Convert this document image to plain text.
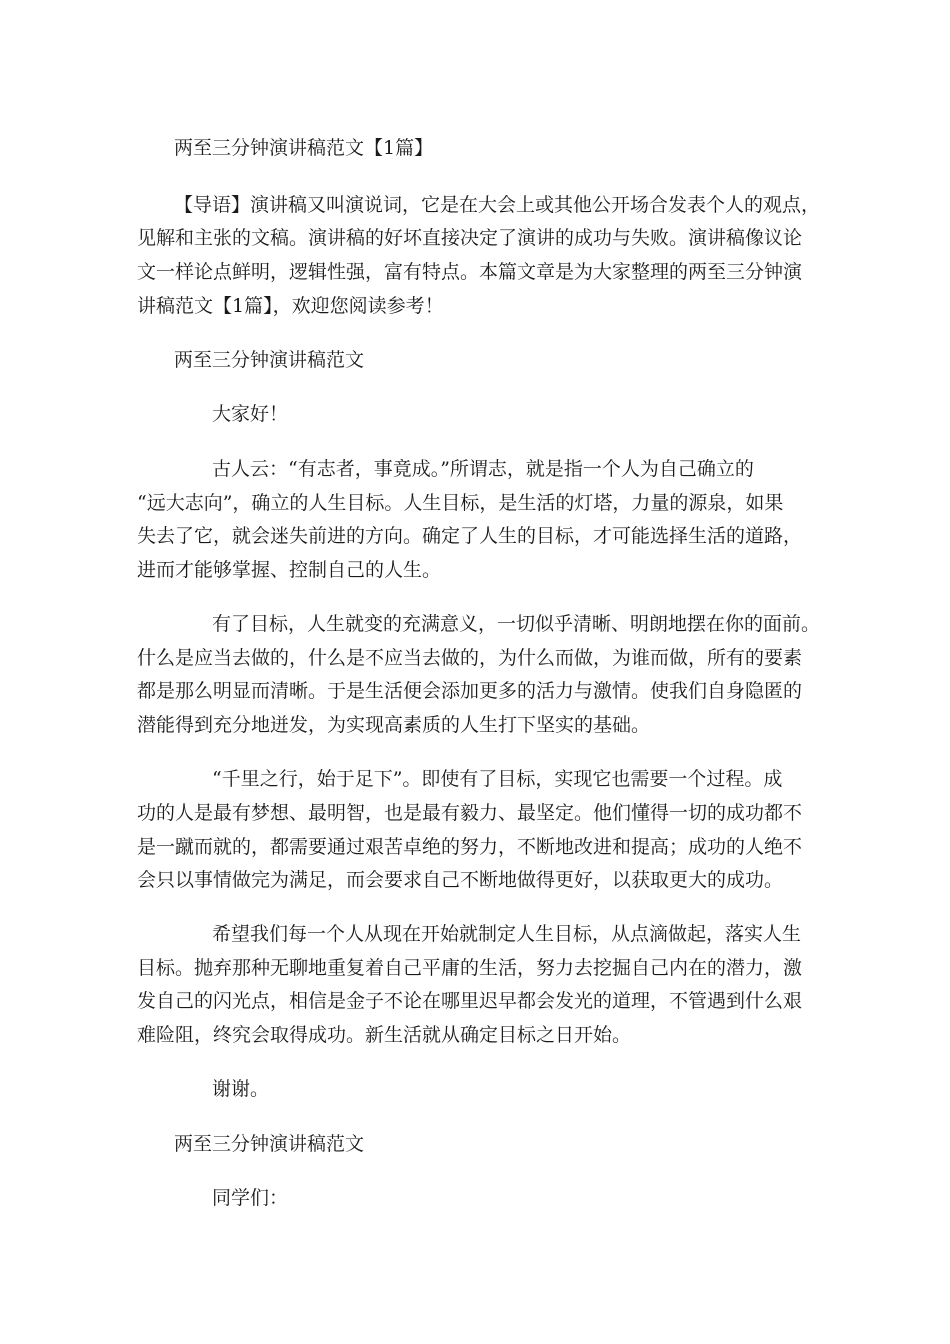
两至三分钟演讲稿范文【1篇】
【导语】演讲稿又叫演说词，它是在大会上或其他公开场合发表个人的观点，
见解和主张的文稿。演讲稿的好坏直接决定了演讲的成功与失败。演讲稿像议论
文一样论点鲜明，逻辑性强，富有特点。本篇文章是为大家整理的两至三分钟演
讲稿范文【1篇】，欢迎您阅读参考！
两至三分钟演讲稿范文
大家好！
古人云：“有志者，事竟成。”所谓志，就是指一个人为自己确立的
“远大志向”，确立的人生目标。人生目标，是生活的灯塔，力量的源泉，如果
失去了它，就会迷失前进的方向。确定了人生的目标，才可能选择生活的道路，
进而才能够掌握、控制自己的人生。
有了目标，人生就变的充满意义，一切似乎清晰、明朗地摆在你的面前。
什么是应当去做的，什么是不应当去做的，为什么而做，为谁而做，所有的要素
都是那么明显而清晰。于是生活便会添加更多的活力与激情。使我们自身隐匿的
潜能得到充分地迸发，为实现高素质的人生打下坚实的基础。
“千里之行，始于足下”。即使有了目标，实现它也需要一个过程。成
功的人是最有梦想、最明智，也是最有毅力、最坚定。他们懂得一切的成功都不
是一蹴而就的，都需要通过艰苦卓绝的努力，不断地改进和提高；成功的人绝不
会只以事情做完为满足，而会要求自己不断地做得更好，以获取更大的成功。
希望我们每一个人从现在开始就制定人生目标，从点滴做起，落实人生
目标。抛弃那种无聊地重复着自己平庸的生活，努力去挖掘自己内在的潜力，激
发自己的闪光点，相信是金子不论在哪里迟早都会发光的道理，不管遇到什么艰
难险阻，终究会取得成功。新生活就从确定目标之日开始。
谢谢。
两至三分钟演讲稿范文
同学们：
